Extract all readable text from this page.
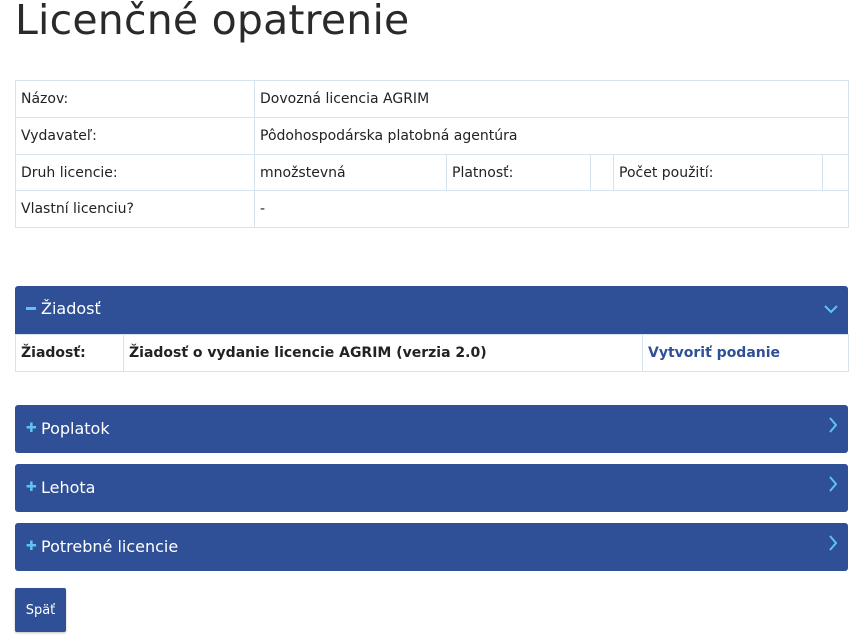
Licenčné opatrenie
Názov:	Dovozná licencia AGRIM				
Vydavateľ:	Pôdohospodárska platobná agentúra				
Druh licencie:	množstevná	Platnosť:		Počet použití:	
Vlastní licenciu?	-				
Žiadosť
Žiadosť:	Žiadosť o vydanie licencie AGRIM (verzia 2.0)	Vytvoriť podanie
✚ Poplatok
✚ Lehota
✚ Potrebné licencie
Späť
